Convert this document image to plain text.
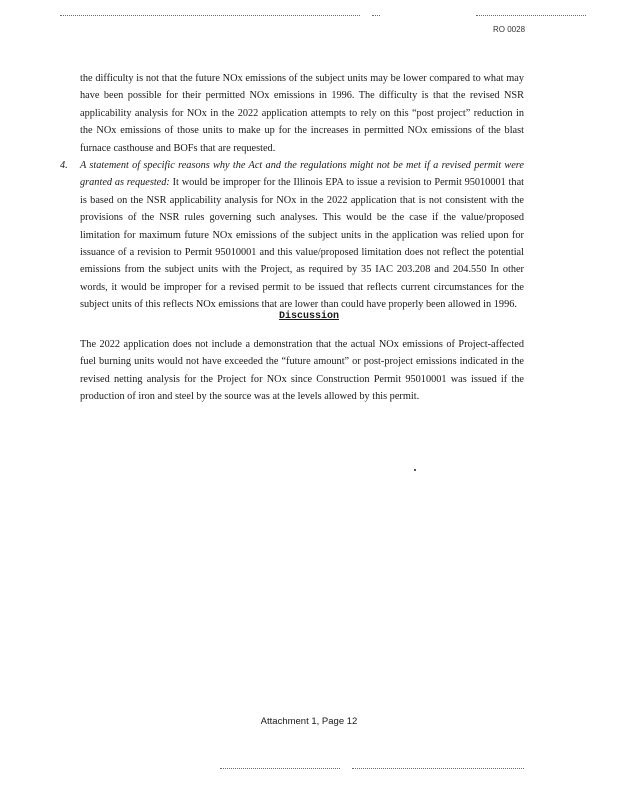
RO 0028

the difficulty is not that the future NOx emissions of the subject units may be lower compared to what may have been possible for their permitted NOx emissions in 1996. The difficulty is that the revised NSR applicability analysis for NOx in the 2022 application attempts to rely on this “post project” reduction in the NOx emissions of those units to make up for the increases in permitted NOx emissions of the blast furnace casthouse and BOFs that are requested.

4. A statement of specific reasons why the Act and the regulations might not be met if a revised permit were granted as requested: It would be improper for the Illinois EPA to issue a revision to Permit 95010001 that is based on the NSR applicability analysis for NOx in the 2022 application that is not consistent with the provisions of the NSR rules governing such analyses. This would be the case if the value/proposed limitation for maximum future NOx emissions of the subject units in the application was relied upon for issuance of a revision to Permit 95010001 and this value/proposed limitation does not reflect the potential emissions from the subject units with the Project, as required by 35 IAC 203.208 and 204.550 In other words, it would be improper for a revised permit to be issued that reflects current circumstances for the subject units of this reflects NOx emissions that are lower than could have properly been allowed in 1996.

Discussion

The 2022 application does not include a demonstration that the actual NOx emissions of Project-affected fuel burning units would not have exceeded the “future amount” or post-project emissions indicated in the revised netting analysis for the Project for NOx since Construction Permit 95010001 was issued if the production of iron and steel by the source was at the levels allowed by this permit.

Attachment 1, Page 12
